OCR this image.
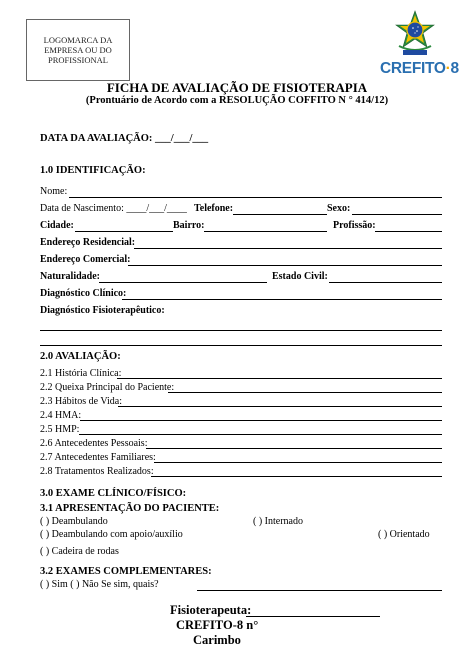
LOGOMARCA DA
EMPRESA OU DO
PROFISSIONAL	CREFITO·8
FICHA DE AVALIAÇÃO DE FISIOTERAPIA
(Prontuário de Acordo com a RESOLUÇÃO COFFITO N ° 414/12)
DATA DA AVALIAÇÃO: ___/___/___
1.0 IDENTIFICAÇÃO:
Nome:
Data de Nascimento: ____/___/____ Telefone:	Sexo:
Cidade:	Bairro:	Profissão:
Endereço Residencial:
Endereço Comercial:
Naturalidade:	Estado Civil:
Diagnóstico Clínico:
Diagnóstico Fisioterapêutico:
2.0 AVALIAÇÃO:
2.1 História Clínica:
2.2 Queixa Principal do Paciente:
2.3 Hábitos de Vida:
2.4 HMA:
2.5 HMP:
2.6 Antecedentes Pessoais:
2.7 Antecedentes Familiares:
2.8 Tratamentos Realizados:
3.0 EXAME CLÍNICO/FÍSICO:
3.1 APRESENTAÇÃO DO PACIENTE:
( ) Deambulando	( ) Internado
( ) Deambulando com apoio/auxílio	( ) Orientado
( ) Cadeira de rodas
3.2 EXAMES COMPLEMENTARES:
( ) Sim ( ) Não Se sim, quais?
Fisioterapeuta:
CREFITO-8 n°
Carimbo
